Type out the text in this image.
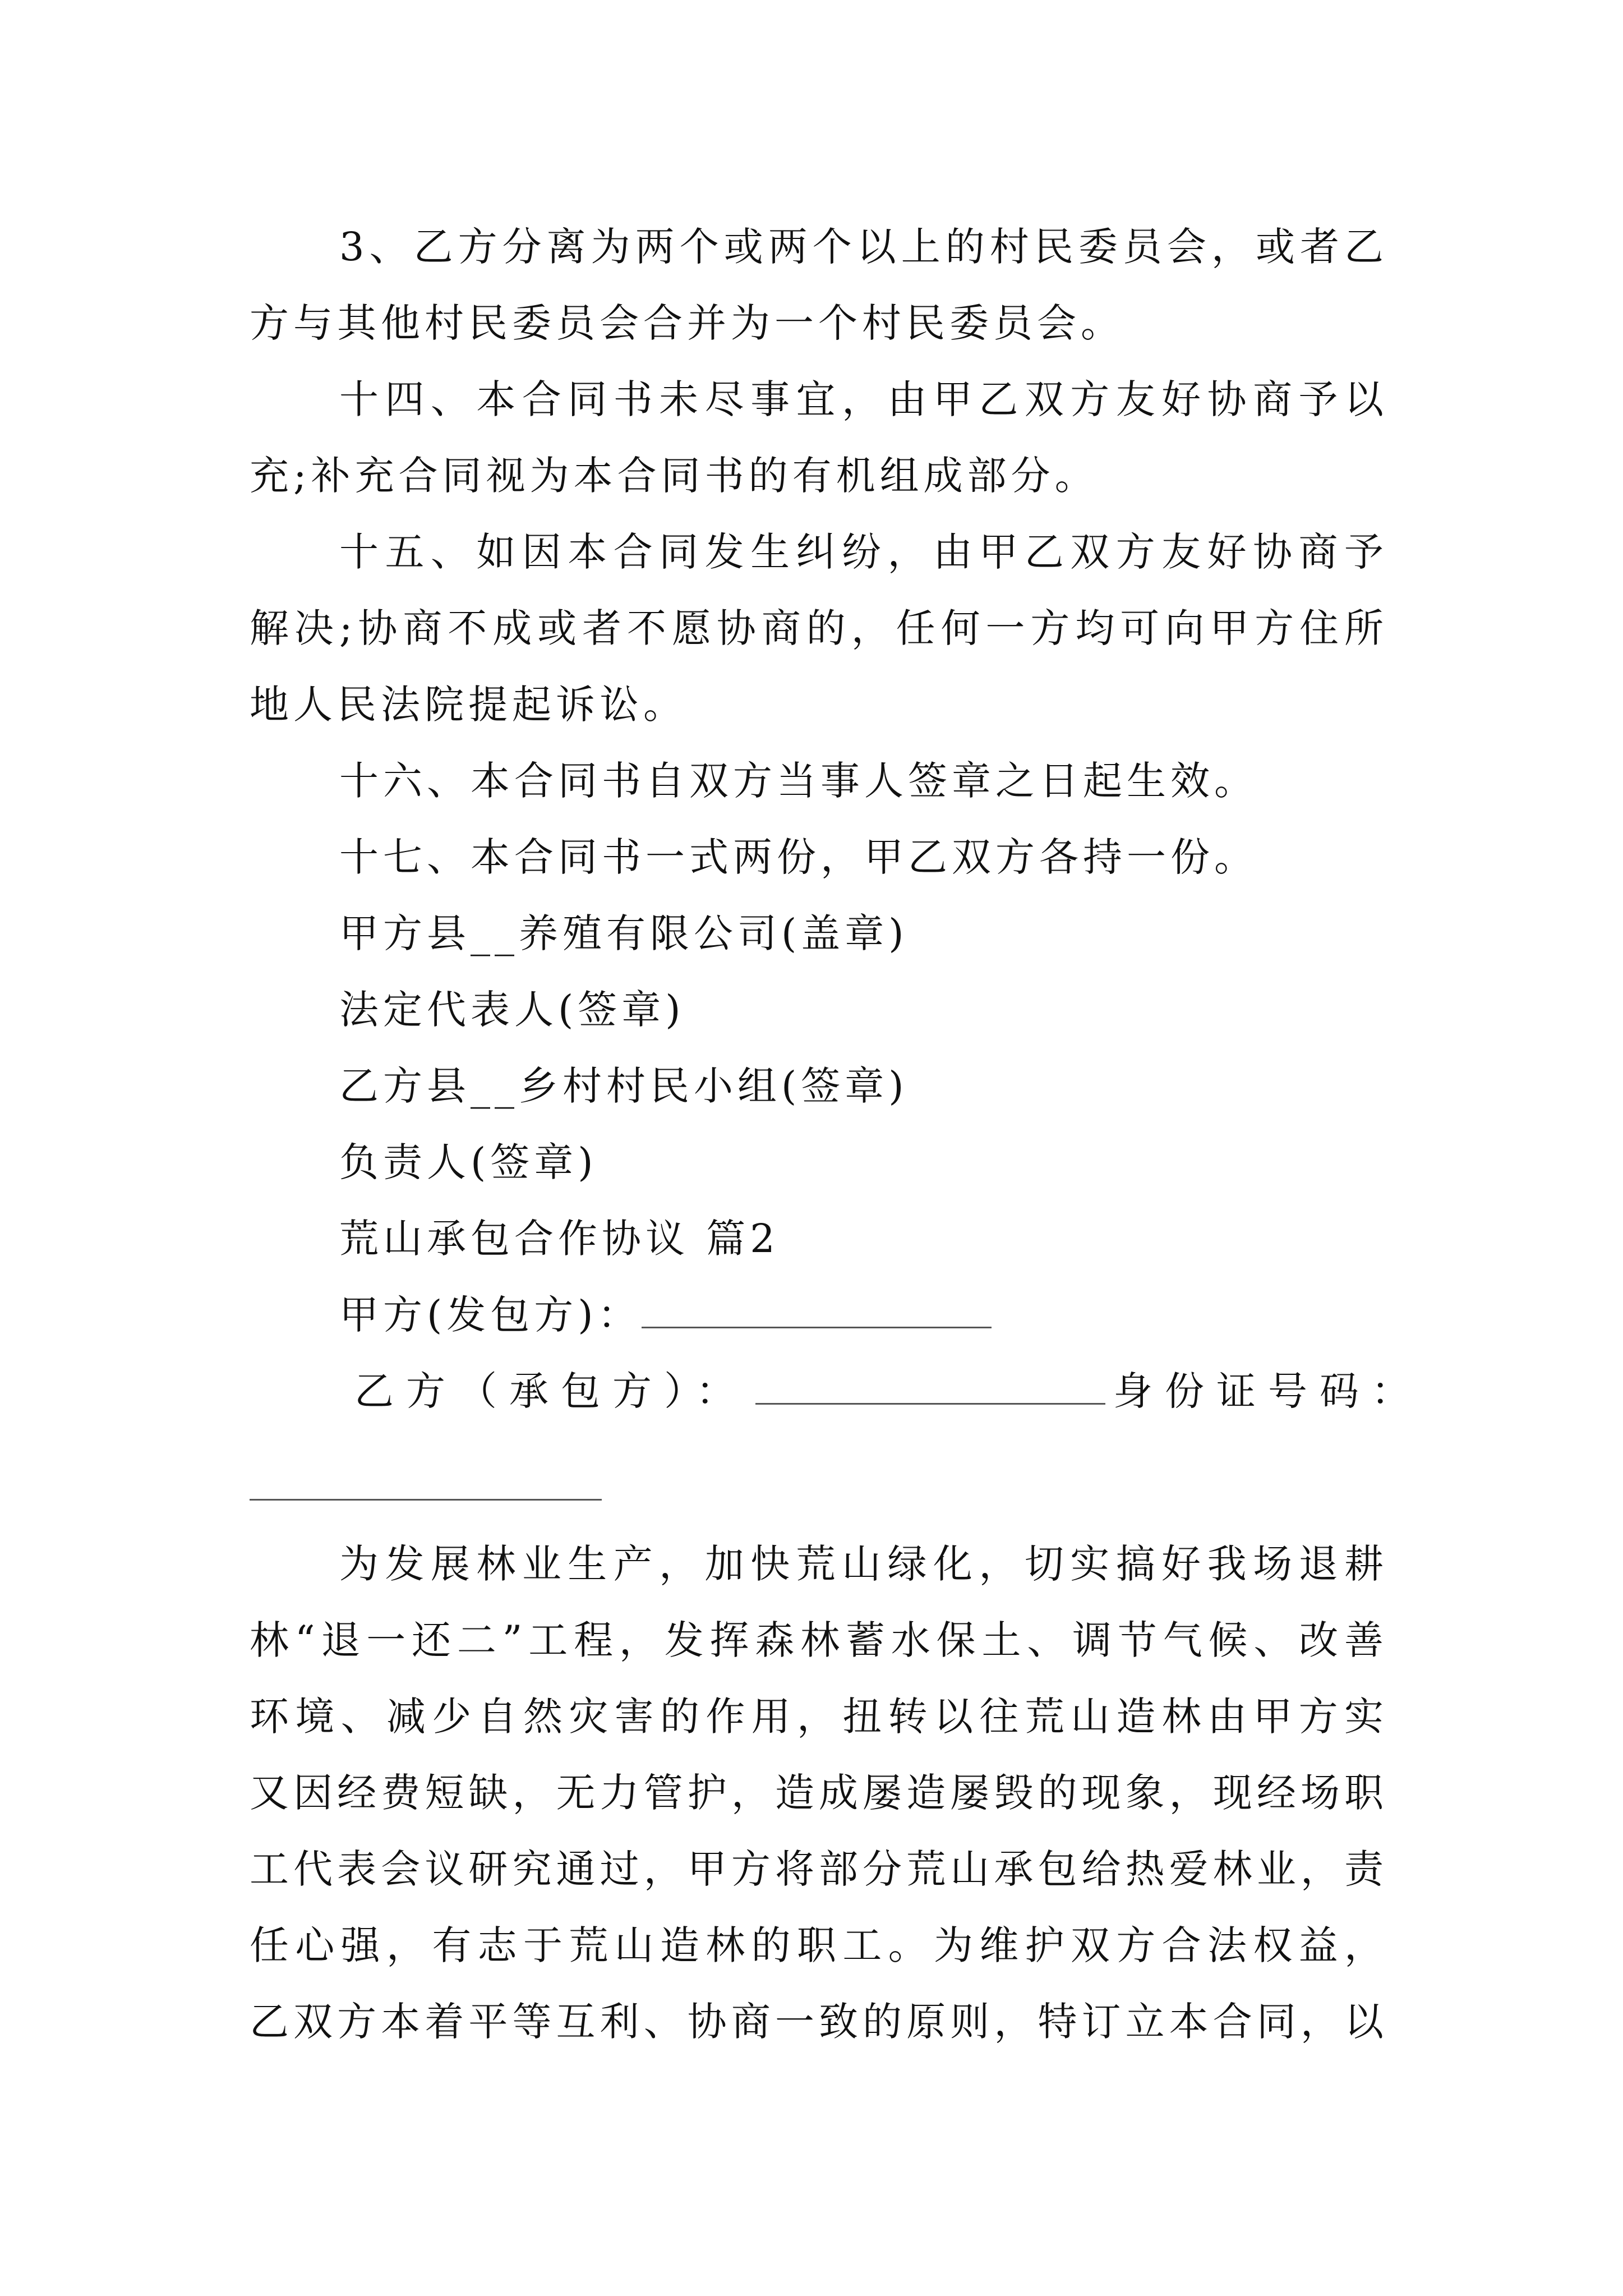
3、乙方分离为两个或两个以上的村民委员会，或者乙
方与其他村民委员会合并为一个村民委员会。
十四、本合同书未尽事宜，由甲乙双方友好协商予以
充;补充合同视为本合同书的有机组成部分。
十五、如因本合同发生纠纷，由甲乙双方友好协商予
解决;协商不成或者不愿协商的，任何一方均可向甲方住所
地人民法院提起诉讼。
十六、本合同书自双方当事人签章之日起生效。
十七、本合同书一式两份，甲乙双方各持一份。
甲方县__养殖有限公司(盖章)
法定代表人(签章)
乙方县__乡村村民小组(签章)
负责人(签章)
荒山承包合作协议 篇2
甲方(发包方)：
乙方（承包方）：	身份证号码：
为发展林业生产，加快荒山绿化，切实搞好我场退耕
林“退一还二”工程，发挥森林蓄水保土、调节气候、改善
环境、减少自然灾害的作用，扭转以往荒山造林由甲方实
又因经费短缺，无力管护，造成屡造屡毁的现象，现经场职
工代表会议研究通过，甲方将部分荒山承包给热爱林业，责
任心强，有志于荒山造林的职工。为维护双方合法权益，
乙双方本着平等互利、协商一致的原则，特订立本合同，以
